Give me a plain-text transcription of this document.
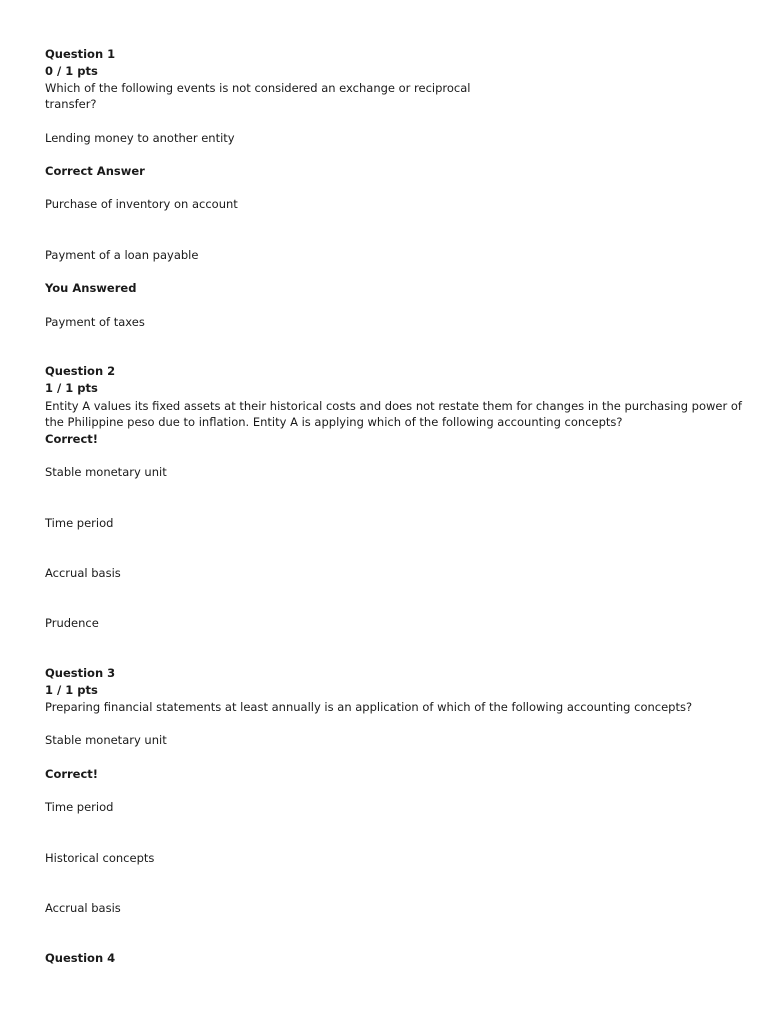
Question 1
0 / 1 pts
Which of the following events is not considered an exchange or reciprocal
transfer?
Lending money to another entity
Correct Answer
Purchase of inventory on account
Payment of a loan payable
You Answered
Payment of taxes
Question 2
1 / 1 pts
Entity A values its fixed assets at their historical costs and does not restate them for changes in the purchasing power of
the Philippine peso due to inflation. Entity A is applying which of the following accounting concepts?
Correct!
Stable monetary unit
Time period
Accrual basis
Prudence
Question 3
1 / 1 pts
Preparing financial statements at least annually is an application of which of the following accounting concepts?
Stable monetary unit
Correct!
Time period
Historical concepts
Accrual basis
Question 4
